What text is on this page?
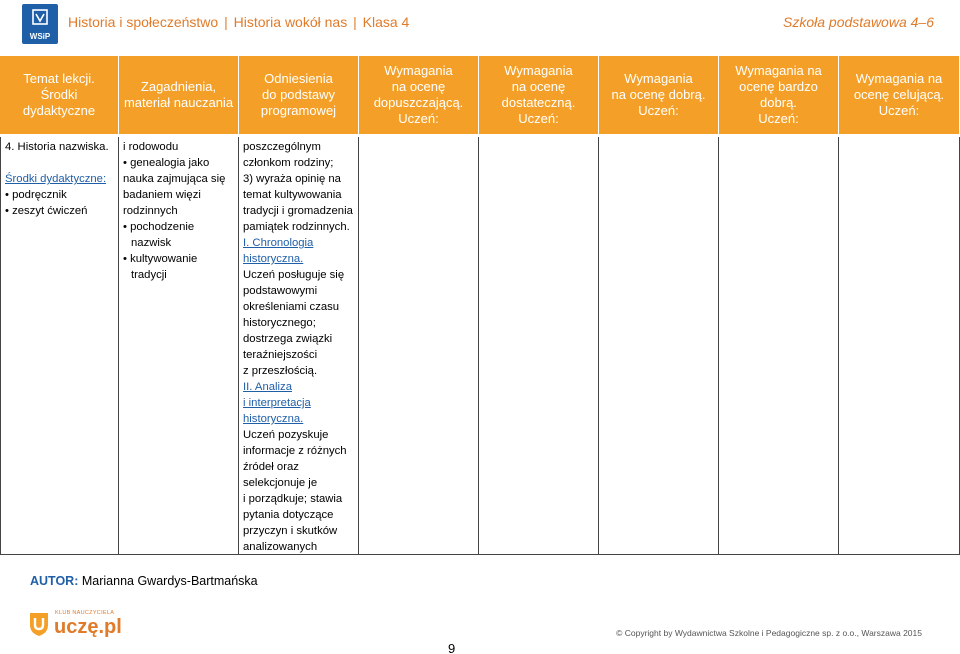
WSiP
Historia i społeczeństwo | Historia wokół nas | Klasa 4	Szkoła podstawowa 4–6
Temat lekcji.
Środki dydaktyczne
Zagadnienia,
materiał nauczania
Odniesienia
do podstawy
programowej
Wymagania
na ocenę
dopuszczającą.
Uczeń:
Wymagania
na ocenę
dostateczną.
Uczeń:
Wymagania
na ocenę dobrą.
Uczeń:
Wymagania na
ocenę bardzo
dobrą.
Uczeń:
Wymagania na
ocenę celującą.
Uczeń:
4. Historia nazwiska.

Środki dydaktyczne:
• podręcznik
• zeszyt ćwiczeń
i rodowodu
• genealogia jako
nauka zajmująca się
badaniem więzi
rodzinnych
• pochodzenie nazwisk
• kultywowanie tradycji
poszczególnym
członkom rodziny;
3) wyraża opinię na
temat kultywowania
tradycji i gromadzenia
pamiątek rodzinnych.
I. Chronologia
historyczna.
Uczeń posługuje się
podstawowymi
określeniami czasu
historycznego;
dostrzega związki
teraźniejszości
z przeszłością.
II. Analiza
i interpretacja
historyczna.
Uczeń pozyskuje
informacje z różnych
źródeł oraz
selekcjonuje je
i porządkuje; stawia
pytania dotyczące
przyczyn i skutków
analizowanych
AUTOR: Marianna Gwardys-Bartmańska
KLUB NAUCZYCIELA
uczę.pl	© Copyright by Wydawnictwa Szkolne i Pedagogiczne sp. z o.o., Warszawa 2015
9
